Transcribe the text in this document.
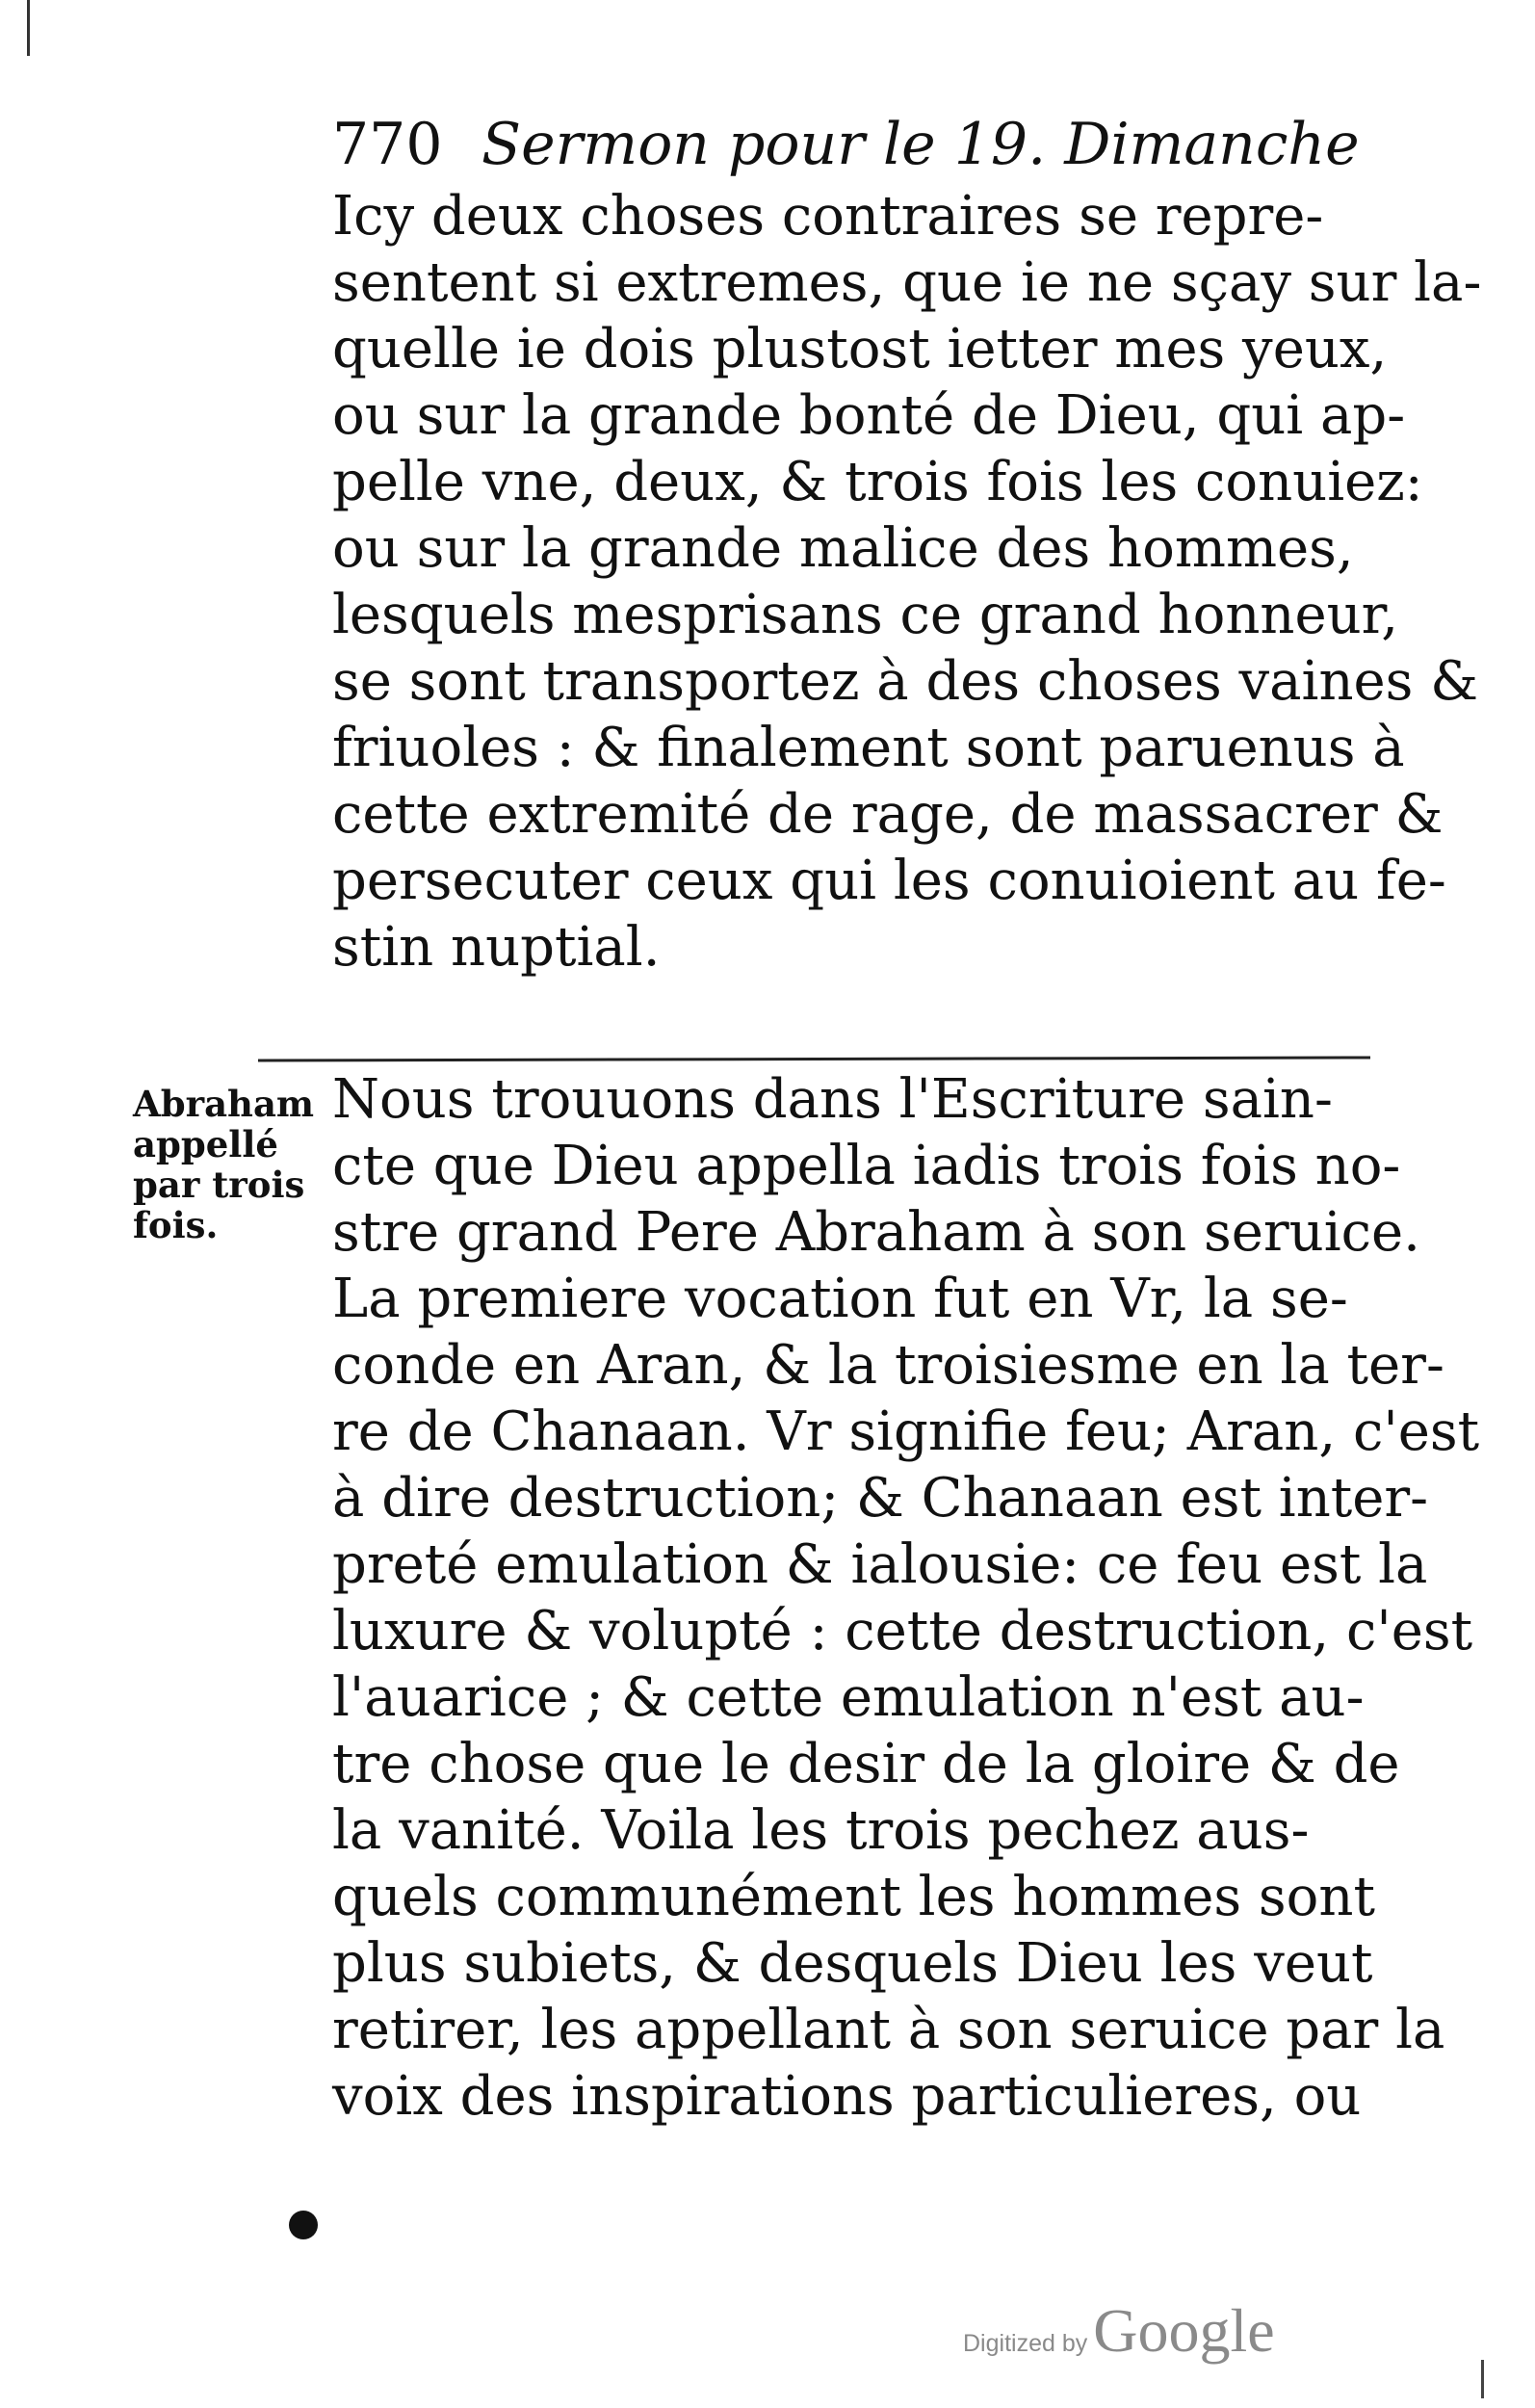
770 Sermon pour le 19. Dimanche
Icy deux choses contraires se repre-
sentent si extremes, que ie ne sçay sur la-
quelle ie dois plustost ietter mes yeux,
ou sur la grande bonté de Dieu, qui ap-
pelle vne, deux, & trois fois les conuiez:
ou sur la grande malice des hommes,
lesquels mesprisans ce grand honneur,
se sont transportez à des choses vaines &
friuoles : & finalement sont paruenus à
cette extremité de rage, de massacrer &
persecuter ceux qui les conuioient au fe-
stin nuptial.
Abraham
appellé
par trois
fois.
Nous trouuons dans l'Escriture sain-
cte que Dieu appella iadis trois fois no-
stre grand Pere Abraham à son seruice.
La premiere vocation fut en Vr, la se-
conde en Aran, & la troisiesme en la ter-
re de Chanaan. Vr signifie feu; Aran, c'est
à dire destruction; & Chanaan est inter-
preté emulation & ialousie: ce feu est la
luxure & volupté : cette destruction, c'est
l'auarice ; & cette emulation n'est au-
tre chose que le desir de la gloire & de
la vanité. Voila les trois pechez aus-
quels communément les hommes sont
plus subiets, & desquels Dieu les veut
retirer, les appellant à son seruice par la
voix des inspirations particulieres, ou
Digitized byGoogle
